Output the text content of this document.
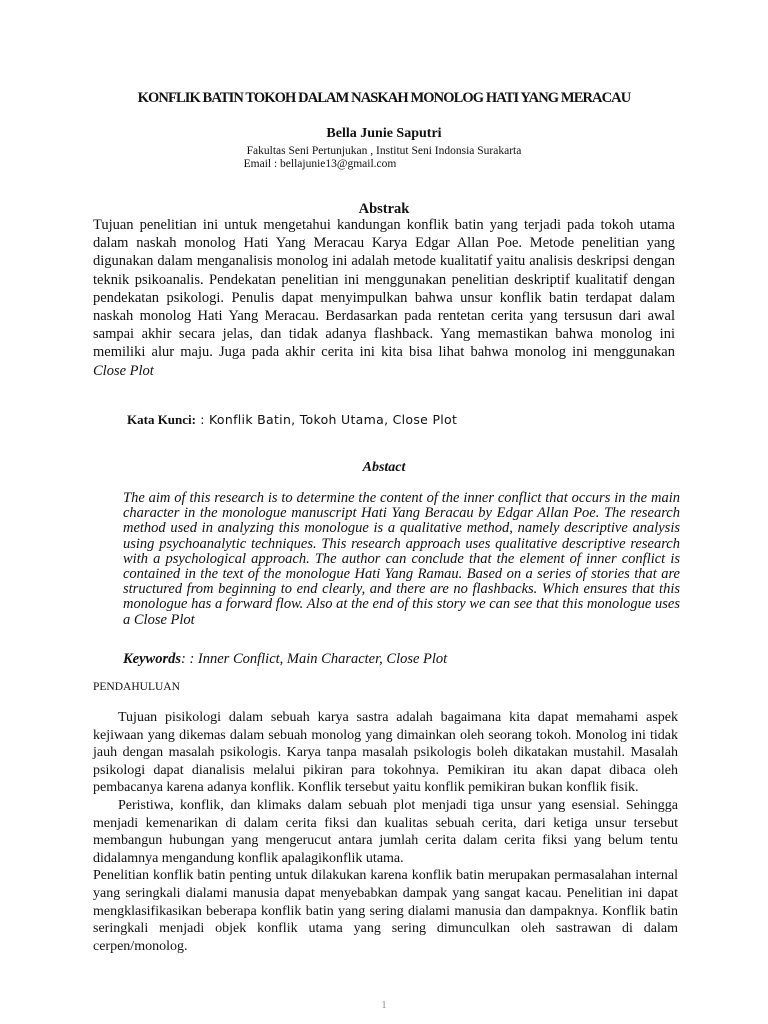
KONFLIK BATIN TOKOH DALAM NASKAH MONOLOG HATI YANG MERACAU
Bella Junie Saputri
Fakultas Seni Pertunjukan , Institut Seni Indonsia Surakarta
Email : bellajunie13@gmail.com
Abstrak
Tujuan penelitian ini untuk mengetahui kandungan konflik batin yang terjadi pada tokoh utama dalam naskah monolog Hati Yang Meracau Karya Edgar Allan Poe. Metode penelitian yang digunakan dalam menganalisis monolog ini adalah metode kualitatif yaitu analisis deskripsi dengan teknik psikoanalis. Pendekatan penelitian ini menggunakan penelitian deskriptif kualitatif dengan pendekatan psikologi. Penulis dapat menyimpulkan bahwa unsur konflik batin terdapat dalam naskah monolog Hati Yang Meracau. Berdasarkan pada rentetan cerita yang tersusun dari awal sampai akhir secara jelas, dan tidak adanya flashback. Yang memastikan bahwa monolog ini memiliki alur maju. Juga pada akhir cerita ini kita bisa lihat bahwa monolog ini menggunakan Close Plot
Kata Kunci: : Konflik Batin, Tokoh Utama, Close Plot
Abstact
The aim of this research is to determine the content of the inner conflict that occurs in the main character in the monologue manuscript Hati Yang Beracau by Edgar Allan Poe. The research method used in analyzing this monologue is a qualitative method, namely descriptive analysis using psychoanalytic techniques. This research approach uses qualitative descriptive research with a psychological approach. The author can conclude that the element of inner conflict is contained in the text of the monologue Hati Yang Ramau. Based on a series of stories that are structured from beginning to end clearly, and there are no flashbacks. Which ensures that this monologue has a forward flow. Also at the end of this story we can see that this monologue uses a Close Plot
Keywords: : Inner Conflict, Main Character, Close Plot
PENDAHULUAN

Tujuan pisikologi dalam sebuah karya sastra adalah bagaimana kita dapat memahami aspek kejiwaan yang dikemas dalam sebuah monolog yang dimainkan oleh seorang tokoh. Monolog ini tidak jauh dengan masalah psikologis. Karya tanpa masalah psikologis boleh dikatakan mustahil. Masalah psikologi dapat dianalisis melalui pikiran para tokohnya. Pemikiran itu akan dapat dibaca oleh pembacanya karena adanya konflik. Konflik tersebut yaitu konflik pemikiran bukan konflik fisik.

Peristiwa, konflik, dan klimaks dalam sebuah plot menjadi tiga unsur yang esensial. Sehingga menjadi kemenarikan di dalam cerita fiksi dan kualitas sebuah cerita, dari ketiga unsur tersebut membangun hubungan yang mengerucut antara jumlah cerita dalam cerita fiksi yang belum tentu didalamnya mengandung konflik apalagikonflik utama.

Penelitian konflik batin penting untuk dilakukan karena konflik batin merupakan permasalahan internal yang seringkali dialami manusia dapat menyebabkan dampak yang sangat kacau. Penelitian ini dapat mengklasifikasikan beberapa konflik batin yang sering dialami manusia dan dampaknya. Konflik batin seringkali menjadi objek konflik utama yang sering dimunculkan oleh sastrawan di dalam cerpen/monolog.

1
